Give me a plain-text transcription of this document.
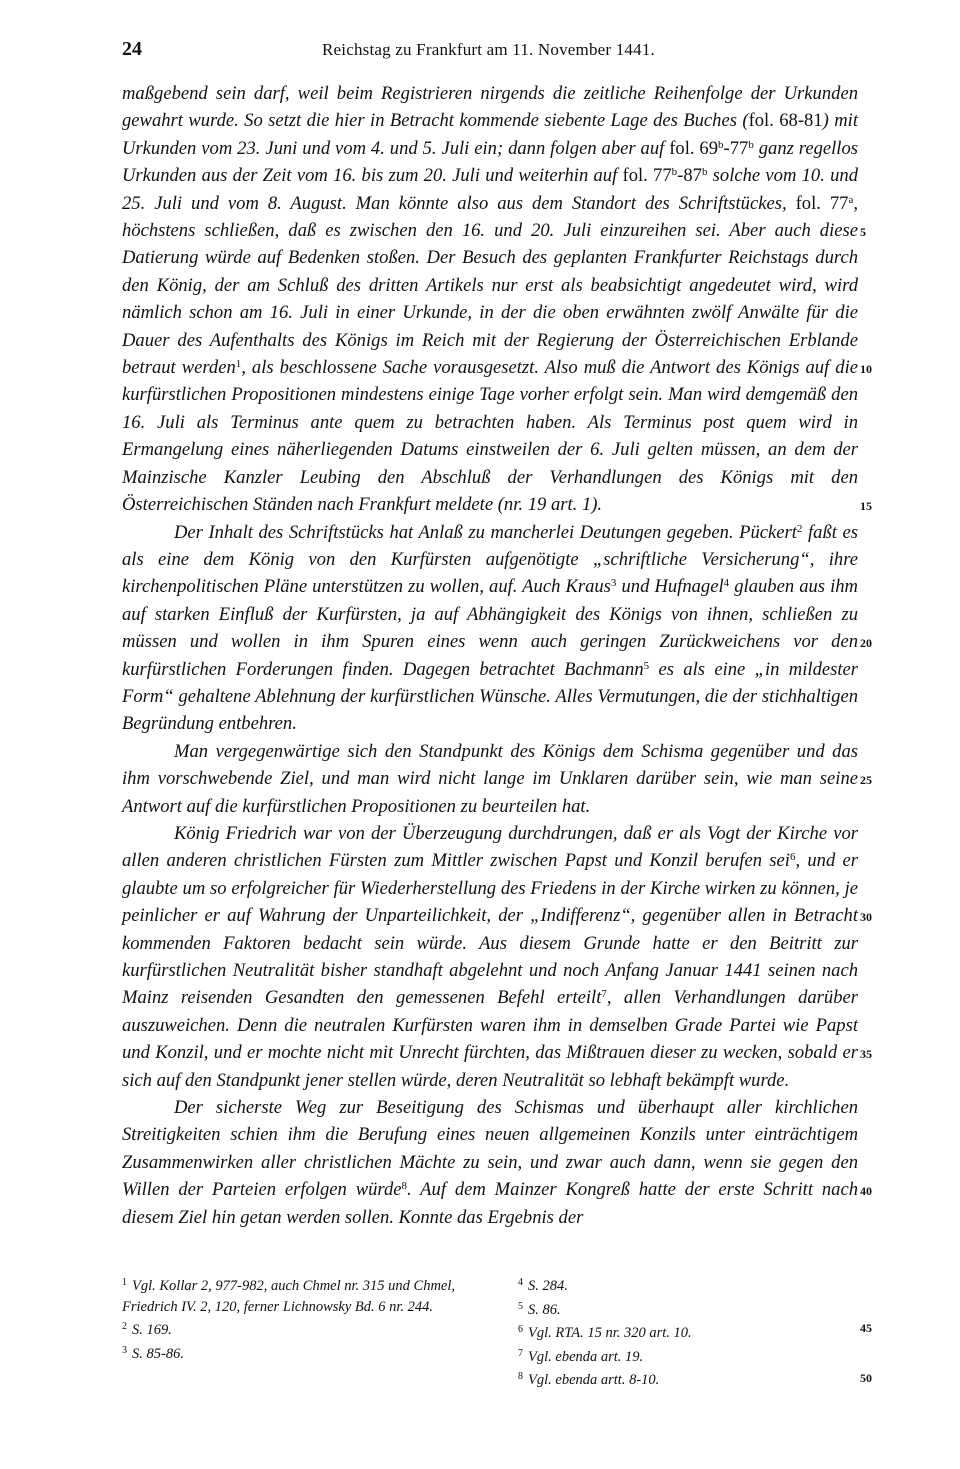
24	Reichstag zu Frankfurt am 11. November 1441.

maßgebend sein darf, weil beim Registrieren nirgends die zeitliche Reihenfolge der Urkunden gewahrt wurde. So setzt die hier in Betracht kommende siebente Lage des Buches (fol. 68-81) mit Urkunden vom 23. Juni und vom 4. und 5. Juli ein; dann folgen aber auf fol. 69$^b$-77$^b$ ganz regellos Urkunden aus der Zeit vom 16. bis zum 20. Juli und weiterhin auf fol. 77$^b$-87$^b$ solche vom 10. und 25. Juli und vom 8. August. Man könnte also aus dem Standort des Schriftstückes, fol. 77$^a$, höchstens schließen, daß es zwischen den 16. und 20. Juli einzureihen sei. Aber auch diese Datierung würde auf Bedenken stoßen. Der Besuch des geplanten Frankfurter Reichstags durch den König, der am Schluß des dritten Artikels nur erst als beabsichtigt angedeutet wird, wird nämlich schon am 16. Juli in einer Urkunde, in der die oben erwähnten zwölf Anwälte für die Dauer des Aufenthalts des Königs im Reich mit der Regierung der Österreichischen Erblande betraut werden$^1$, als beschlossene Sache vorausgesetzt. Also muß die Antwort des Königs auf die kurfürstlichen Propositionen mindestens einige Tage vorher erfolgt sein. Man wird demgemäß den 16. Juli als Terminus ante quem zu betrachten haben. Als Terminus post quem wird in Ermangelung eines näherliegenden Datums einstweilen der 6. Juli gelten müssen, an dem der Mainzische Kanzler Leubing den Abschluß der Verhandlungen des Königs mit den Österreichischen Ständen nach Frankfurt meldete (nr. 19 art. 1).

Der Inhalt des Schriftstücks hat Anlaß zu mancherlei Deutungen gegeben. Pückert$^2$ faßt es als eine dem König von den Kurfürsten aufgenötigte „schriftliche Versicherung“, ihre kirchenpolitischen Pläne unterstützen zu wollen, auf. Auch Kraus$^3$ und Hufnagel$^4$ glauben aus ihm auf starken Einfluß der Kurfürsten, ja auf Abhängigkeit des Königs von ihnen, schließen zu müssen und wollen in ihm Spuren eines wenn auch geringen Zurückweichens vor den kurfürstlichen Forderungen finden. Dagegen betrachtet Bachmann$^5$ es als eine „in mildester Form“ gehaltene Ablehnung der kurfürstlichen Wünsche. Alles Vermutungen, die der stichhaltigen Begründung entbehren.

Man vergegenwärtige sich den Standpunkt des Königs dem Schisma gegenüber und das ihm vorschwebende Ziel, und man wird nicht lange im Unklaren darüber sein, wie man seine Antwort auf die kurfürstlichen Propositionen zu beurteilen hat.

König Friedrich war von der Überzeugung durchdrungen, daß er als Vogt der Kirche vor allen anderen christlichen Fürsten zum Mittler zwischen Papst und Konzil berufen sei$^6$, und er glaubte um so erfolgreicher für Wiederherstellung des Friedens in der Kirche wirken zu können, je peinlicher er auf Wahrung der Unparteilichkeit, der „Indifferenz“, gegenüber allen in Betracht kommenden Faktoren bedacht sein würde. Aus diesem Grunde hatte er den Beitritt zur kurfürstlichen Neutralität bisher standhaft abgelehnt und noch Anfang Januar 1441 seinen nach Mainz reisenden Gesandten den gemessenen Befehl erteilt$^7$, allen Verhandlungen darüber auszuweichen. Denn die neutralen Kurfürsten waren ihm in demselben Grade Partei wie Papst und Konzil, und er mochte nicht mit Unrecht fürchten, das Mißtrauen dieser zu wecken, sobald er sich auf den Standpunkt jener stellen würde, deren Neutralität so lebhaft bekämpft wurde.

Der sicherste Weg zur Beseitigung des Schismas und überhaupt aller kirchlichen Streitigkeiten schien ihm die Berufung eines neuen allgemeinen Konzils unter einträchtigem Zusammenwirken aller christlichen Mächte zu sein, und zwar auch dann, wenn sie gegen den Willen der Parteien erfolgen würde$^8$. Auf dem Mainzer Kongreß hatte der erste Schritt nach diesem Ziel hin getan werden sollen. Konnte das Ergebnis der

5
10
15
20
25
30
35
40
45

$^1$ Vgl. Kollar 2, 977-982, auch Chmel nr. 315 und Chmel, Friedrich IV. 2, 120, ferner Lichnowsky Bd. 6 nr. 244.

$^2$ S. 169.

$^3$ S. 85-86.

$^4$ S. 284.

$^5$ S. 86.

$^6$ Vgl. RTA. 15 nr. 320 art. 10.

$^7$ Vgl. ebenda art. 19.

$^8$ Vgl. ebenda artt. 8-10.	50
